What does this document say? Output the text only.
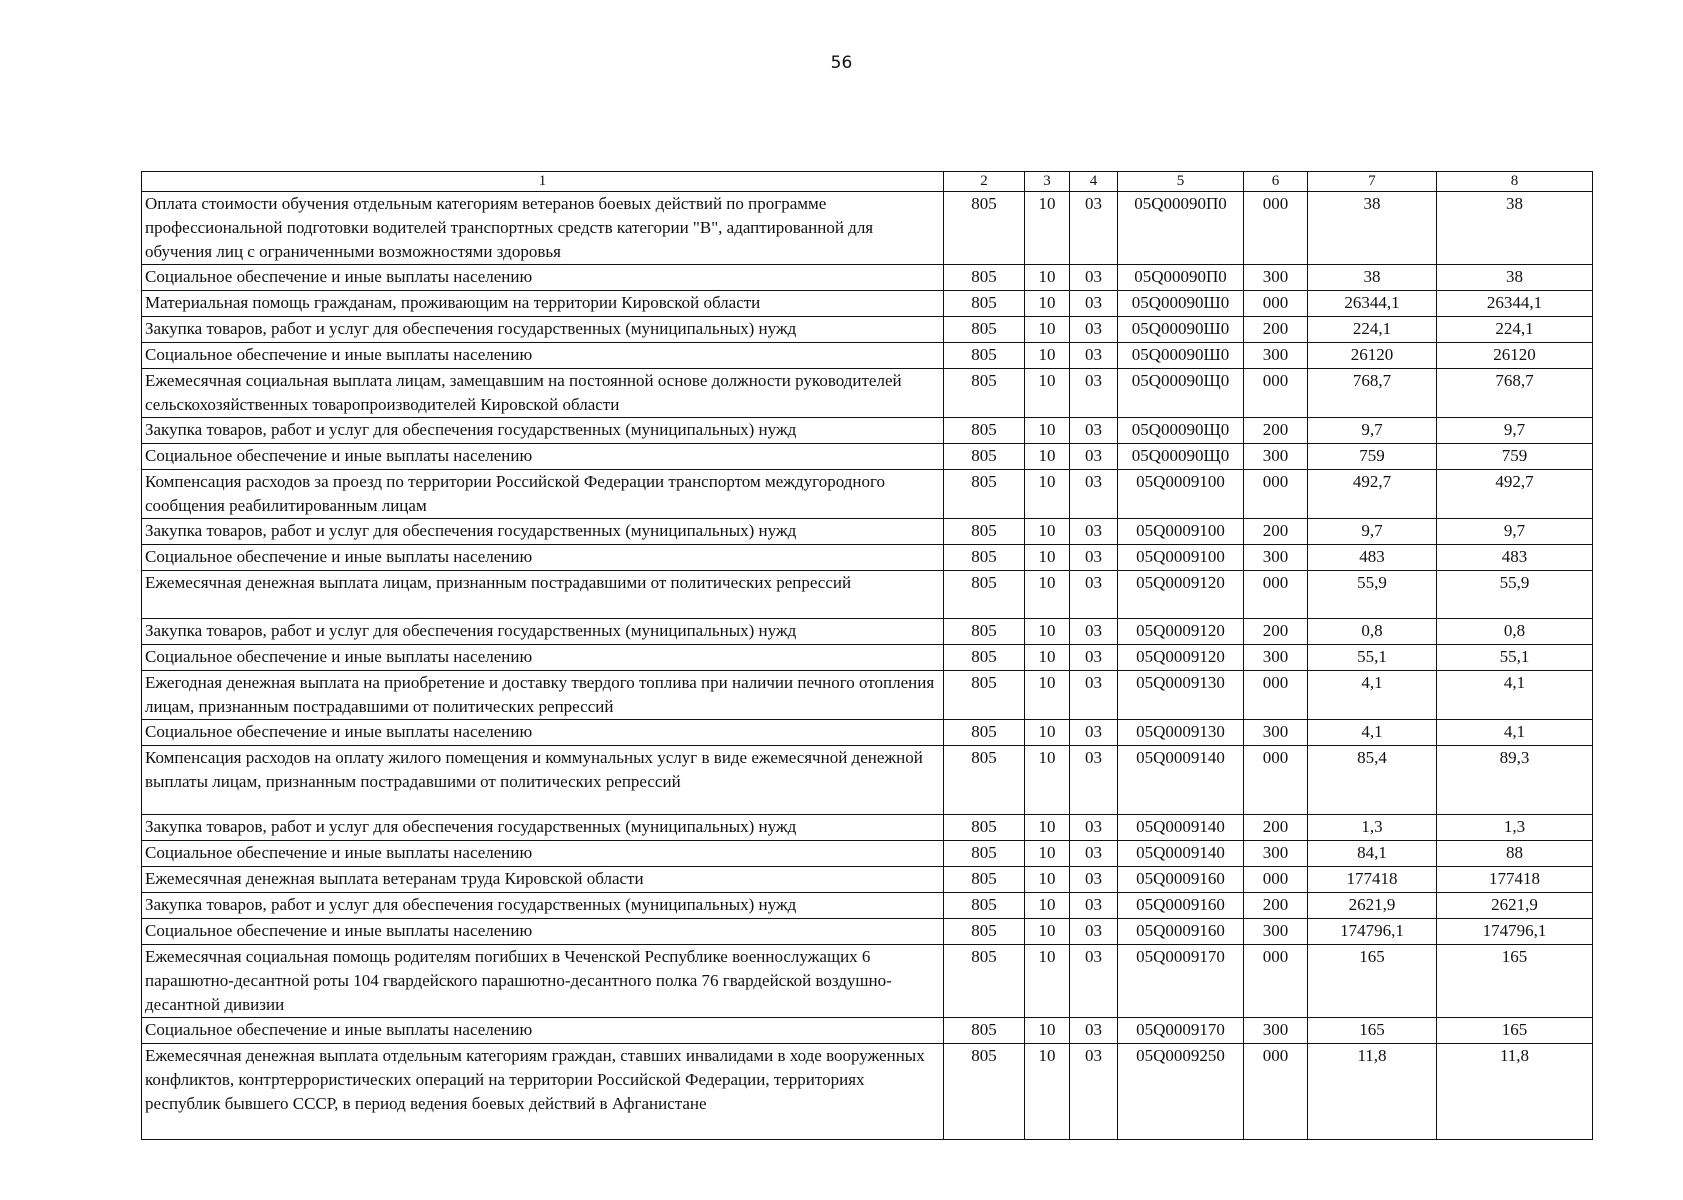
56
1	2	3	4	5	6	7	8
Оплата стоимости обучения отдельным категориям ветеранов боевых действий по программе профессиональной подготовки водителей транспортных средств категории "В", адаптированной для обучения лиц с ограниченными возможностями здоровья	805	10	03	05Q00090П0	000	38	38
Социальное обеспечение и иные выплаты населению	805	10	03	05Q00090П0	300	38	38
Материальная помощь гражданам, проживающим на территории Кировской области	805	10	03	05Q00090Ш0	000	26344,1	26344,1
Закупка товаров, работ и услуг для обеспечения государственных (муниципальных) нужд	805	10	03	05Q00090Ш0	200	224,1	224,1
Социальное обеспечение и иные выплаты населению	805	10	03	05Q00090Ш0	300	26120	26120
Ежемесячная социальная выплата лицам, замещавшим на постоянной основе должности руководителей сельскохозяйственных товаропроизводителей Кировской области	805	10	03	05Q00090Щ0	000	768,7	768,7
Закупка товаров, работ и услуг для обеспечения государственных (муниципальных) нужд	805	10	03	05Q00090Щ0	200	9,7	9,7
Социальное обеспечение и иные выплаты населению	805	10	03	05Q00090Щ0	300	759	759
Компенсация расходов за проезд по территории Российской Федерации транспортом междугородного сообщения реабилитированным лицам	805	10	03	05Q0009100	000	492,7	492,7
Закупка товаров, работ и услуг для обеспечения государственных (муниципальных) нужд	805	10	03	05Q0009100	200	9,7	9,7
Социальное обеспечение и иные выплаты населению	805	10	03	05Q0009100	300	483	483
Ежемесячная денежная выплата лицам, признанным пострадавшими от политических репрессий	805	10	03	05Q0009120	000	55,9	55,9
Закупка товаров, работ и услуг для обеспечения государственных (муниципальных) нужд	805	10	03	05Q0009120	200	0,8	0,8
Социальное обеспечение и иные выплаты населению	805	10	03	05Q0009120	300	55,1	55,1
Ежегодная денежная выплата на приобретение и доставку твердого топлива при наличии печного отопления лицам, признанным пострадавшими от политических репрессий	805	10	03	05Q0009130	000	4,1	4,1
Социальное обеспечение и иные выплаты населению	805	10	03	05Q0009130	300	4,1	4,1
Компенсация расходов на оплату жилого помещения и коммунальных услуг в виде ежемесячной денежной выплаты лицам, признанным пострадавшими от политических репрессий	805	10	03	05Q0009140	000	85,4	89,3
Закупка товаров, работ и услуг для обеспечения государственных (муниципальных) нужд	805	10	03	05Q0009140	200	1,3	1,3
Социальное обеспечение и иные выплаты населению	805	10	03	05Q0009140	300	84,1	88
Ежемесячная денежная выплата ветеранам труда Кировской области	805	10	03	05Q0009160	000	177418	177418
Закупка товаров, работ и услуг для обеспечения государственных (муниципальных) нужд	805	10	03	05Q0009160	200	2621,9	2621,9
Социальное обеспечение и иные выплаты населению	805	10	03	05Q0009160	300	174796,1	174796,1
Ежемесячная социальная помощь родителям погибших в Чеченской Республике военнослужащих 6 парашютно-десантной роты 104 гвардейского парашютно-десантного полка 76 гвардейской воздушно-десантной дивизии	805	10	03	05Q0009170	000	165	165
Социальное обеспечение и иные выплаты населению	805	10	03	05Q0009170	300	165	165
Ежемесячная денежная выплата отдельным категориям граждан, ставших инвалидами в ходе вооруженных конфликтов, контртеррористических операций на территории Российской Федерации, территориях республик бывшего СССР, в период ведения боевых действий в Афганистане	805	10	03	05Q0009250	000	11,8	11,8
